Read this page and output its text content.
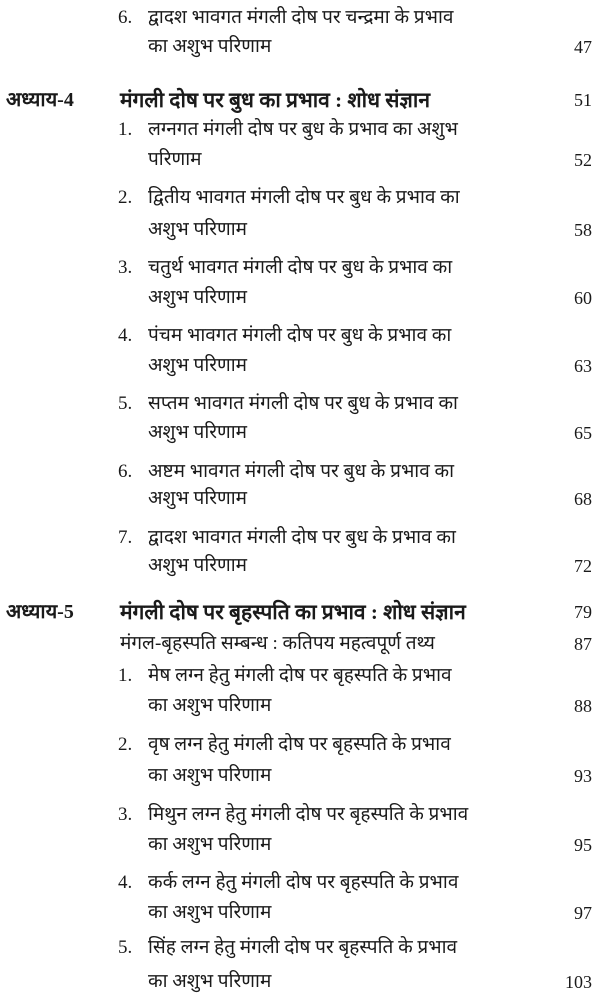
6. द्वादश भावगत मंगली दोष पर चन्द्रमा के प्रभाव
का अशुभ परिणाम	47
अध्याय-4 मंगली दोष पर बुध का प्रभाव : शोध संज्ञान	51
1. लग्नगत मंगली दोष पर बुध के प्रभाव का अशुभ
परिणाम	52
2. द्वितीय भावगत मंगली दोष पर बुध के प्रभाव का
अशुभ परिणाम	58
3. चतुर्थ भावगत मंगली दोष पर बुध के प्रभाव का
अशुभ परिणाम	60
4. पंचम भावगत मंगली दोष पर बुध के प्रभाव का
अशुभ परिणाम	63
5. सप्तम भावगत मंगली दोष पर बुध के प्रभाव का
अशुभ परिणाम	65
6. अष्टम भावगत मंगली दोष पर बुध के प्रभाव का
अशुभ परिणाम	68
7. द्वादश भावगत मंगली दोष पर बुध के प्रभाव का
अशुभ परिणाम	72
अध्याय-5 मंगली दोष पर बृहस्पति का प्रभाव : शोध संज्ञान	79
मंगल-बृहस्पति सम्बन्ध : कतिपय महत्वपूर्ण तथ्य	87
1. मेष लग्न हेतु मंगली दोष पर बृहस्पति के प्रभाव
का अशुभ परिणाम	88
2. वृष लग्न हेतु मंगली दोष पर बृहस्पति के प्रभाव
का अशुभ परिणाम	93
3. मिथुन लग्न हेतु मंगली दोष पर बृहस्पति के प्रभाव
का अशुभ परिणाम	95
4. कर्क लग्न हेतु मंगली दोष पर बृहस्पति के प्रभाव
का अशुभ परिणाम	97
5. सिंह लग्न हेतु मंगली दोष पर बृहस्पति के प्रभाव
का अशुभ परिणाम	103
